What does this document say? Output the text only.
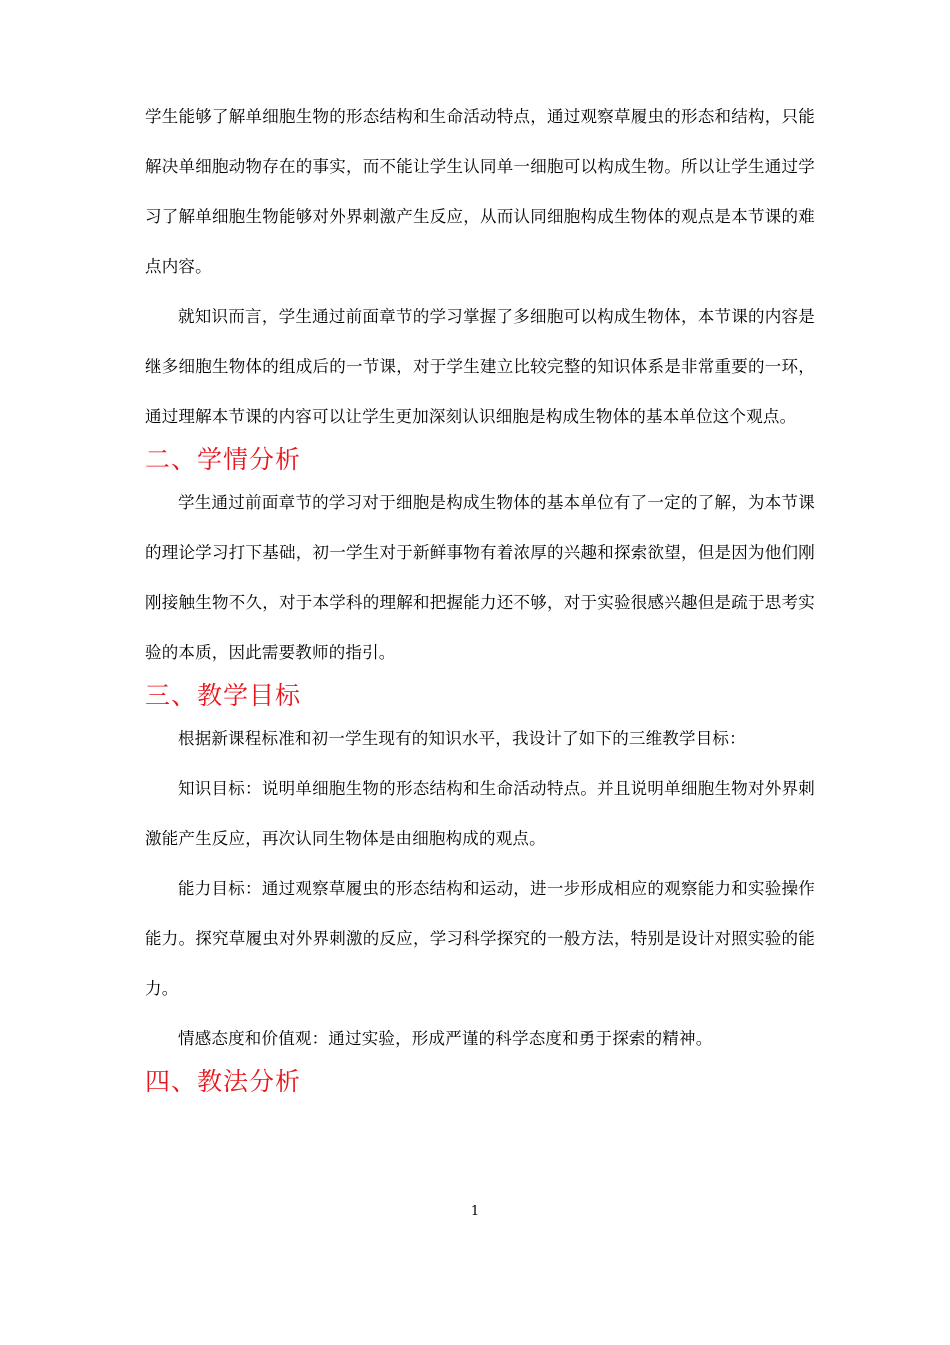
学生能够了解单细胞生物的形态结构和生命活动特点，通过观察草履虫的形态和结构，只能解决单细胞动物存在的事实，而不能让学生认同单一细胞可以构成生物。所以让学生通过学习了解单细胞生物能够对外界刺激产生反应，从而认同细胞构成生物体的观点是本节课的难点内容。

就知识而言，学生通过前面章节的学习掌握了多细胞可以构成生物体，本节课的内容是继多细胞生物体的组成后的一节课，对于学生建立比较完整的知识体系是非常重要的一环，通过理解本节课的内容可以让学生更加深刻认识细胞是构成生物体的基本单位这个观点。

二、学情分析

学生通过前面章节的学习对于细胞是构成生物体的基本单位有了一定的了解，为本节课的理论学习打下基础，初一学生对于新鲜事物有着浓厚的兴趣和探索欲望，但是因为他们刚刚接触生物不久，对于本学科的理解和把握能力还不够，对于实验很感兴趣但是疏于思考实验的本质，因此需要教师的指引。

三、教学目标

根据新课程标准和初一学生现有的知识水平，我设计了如下的三维教学目标：

知识目标：说明单细胞生物的形态结构和生命活动特点。并且说明单细胞生物对外界刺激能产生反应，再次认同生物体是由细胞构成的观点。

能力目标：通过观察草履虫的形态结构和运动，进一步形成相应的观察能力和实验操作能力。探究草履虫对外界刺激的反应，学习科学探究的一般方法，特别是设计对照实验的能力。

情感态度和价值观：通过实验，形成严谨的科学态度和勇于探索的精神。

四、教法分析
1
